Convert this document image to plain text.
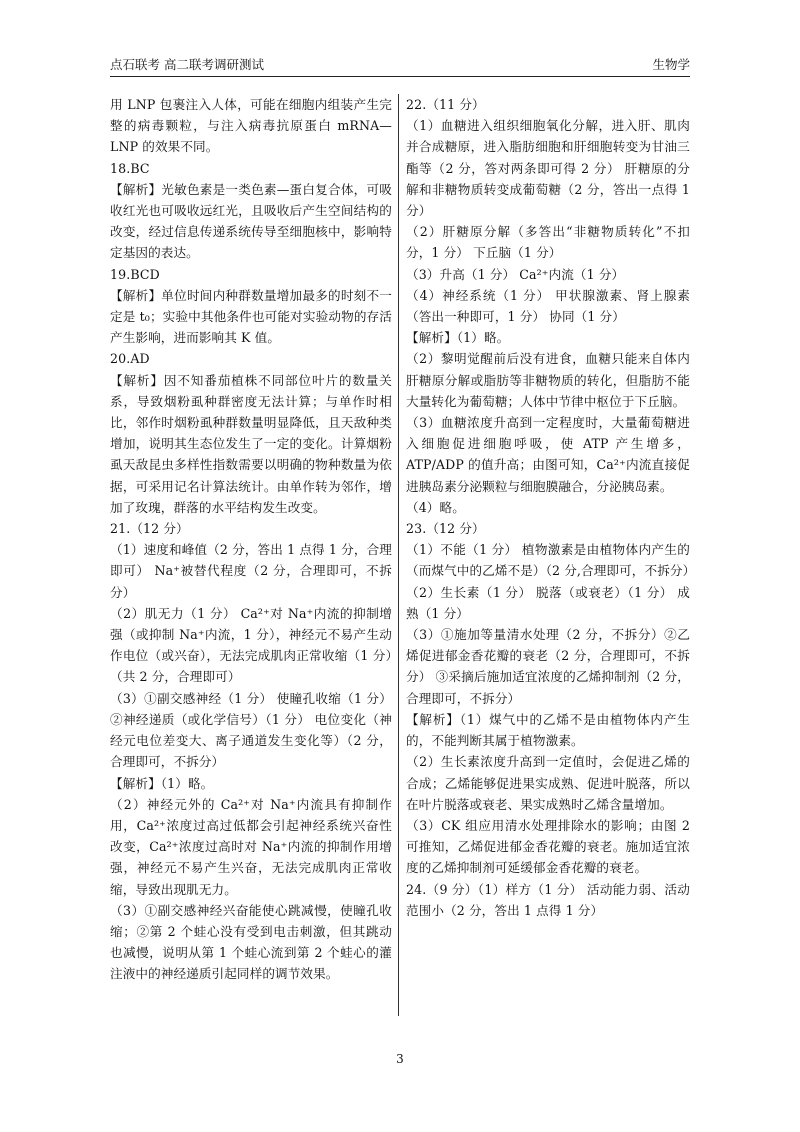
点石联考 高二联考调研测试	生物学

用 LNP 包裹注入人体，可能在细胞内组装产生完整的病毒颗粒，与注入病毒抗原蛋白 mRNA—LNP 的效果不同。

18.BC

【解析】光敏色素是一类色素—蛋白复合体，可吸收红光也可吸收远红光，且吸收后产生空间结构的改变，经过信息传递系统传导至细胞核中，影响特定基因的表达。

19.BCD

【解析】单位时间内种群数量增加最多的时刻不一定是 t₀；实验中其他条件也可能对实验动物的存活产生影响，进而影响其 K 值。

20.AD

【解析】因不知番茄植株不同部位叶片的数量关系，导致烟粉虱种群密度无法计算；与单作时相比，邻作时烟粉虱种群数量明显降低，且天敌种类增加，说明其生态位发生了一定的变化。计算烟粉虱天敌昆虫多样性指数需要以明确的物种数量为依据，可采用记名计算法统计。由单作转为邻作，增加了玫瑰，群落的水平结构发生改变。

21.（12 分）

（1）速度和峰值（2 分，答出 1 点得 1 分，合理即可） Na⁺被替代程度（2 分，合理即可，不拆分）

（2）肌无力（1 分） Ca²⁺对 Na⁺内流的抑制增强（或抑制 Na⁺内流，1 分），神经元不易产生动作电位（或兴奋），无法完成肌肉正常收缩（1 分）（共 2 分，合理即可）

（3）①副交感神经（1 分） 使瞳孔收缩（1 分） ②神经递质（或化学信号）（1 分） 电位变化（神经元电位差变大、离子通道发生变化等）（2 分，合理即可，不拆分）

【解析】（1）略。

（2）神经元外的 Ca²⁺对 Na⁺内流具有抑制作用，Ca²⁺浓度过高过低都会引起神经系统兴奋性改变，Ca²⁺浓度过高时对 Na⁺内流的抑制作用增强，神经元不易产生兴奋，无法完成肌肉正常收缩，导致出现肌无力。

（3）①副交感神经兴奋能使心跳减慢，使瞳孔收缩；②第 2 个蛙心没有受到电击刺激，但其跳动也减慢，说明从第 1 个蛙心流到第 2 个蛙心的灌注液中的神经递质引起同样的调节效果。

22.（11 分）

（1）血糖进入组织细胞氧化分解，进入肝、肌肉并合成糖原，进入脂肪细胞和肝细胞转变为甘油三酯等（2 分，答对两条即可得 2 分） 肝糖原的分解和非糖物质转变成葡萄糖（2 分，答出一点得 1 分）

（2）肝糖原分解（多答出“非糖物质转化”不扣分，1 分） 下丘脑（1 分）

（3）升高（1 分） Ca²⁺内流（1 分）

（4）神经系统（1 分） 甲状腺激素、肾上腺素（答出一种即可，1 分） 协同（1 分）

【解析】（1）略。

（2）黎明觉醒前后没有进食，血糖只能来自体内肝糖原分解或脂肪等非糖物质的转化，但脂肪不能大量转化为葡萄糖；人体中节律中枢位于下丘脑。

（3）血糖浓度升高到一定程度时，大量葡萄糖进入细胞促进细胞呼吸，使 ATP 产生增多，ATP/ADP 的值升高；由图可知，Ca²⁺内流直接促进胰岛素分泌颗粒与细胞膜融合，分泌胰岛素。

（4）略。

23.（12 分）

（1）不能（1 分） 植物激素是由植物体内产生的（而煤气中的乙烯不是）（2 分,合理即可，不拆分）

（2）生长素（1 分） 脱落（或衰老）（1 分） 成熟（1 分）

（3）①施加等量清水处理（2 分，不拆分）②乙烯促进郁金香花瓣的衰老（2 分，合理即可，不拆分） ③采摘后施加适宜浓度的乙烯抑制剂（2 分，合理即可，不拆分）

【解析】（1）煤气中的乙烯不是由植物体内产生的，不能判断其属于植物激素。

（2）生长素浓度升高到一定值时，会促进乙烯的合成；乙烯能够促进果实成熟、促进叶脱落，所以在叶片脱落或衰老、果实成熟时乙烯含量增加。

（3）CK 组应用清水处理排除水的影响；由图 2 可推知，乙烯促进郁金香花瓣的衰老。施加适宜浓度的乙烯抑制剂可延缓郁金香花瓣的衰老。

24.（9 分）（1）样方（1 分） 活动能力弱、活动范围小（2 分，答出 1 点得 1 分）

3
